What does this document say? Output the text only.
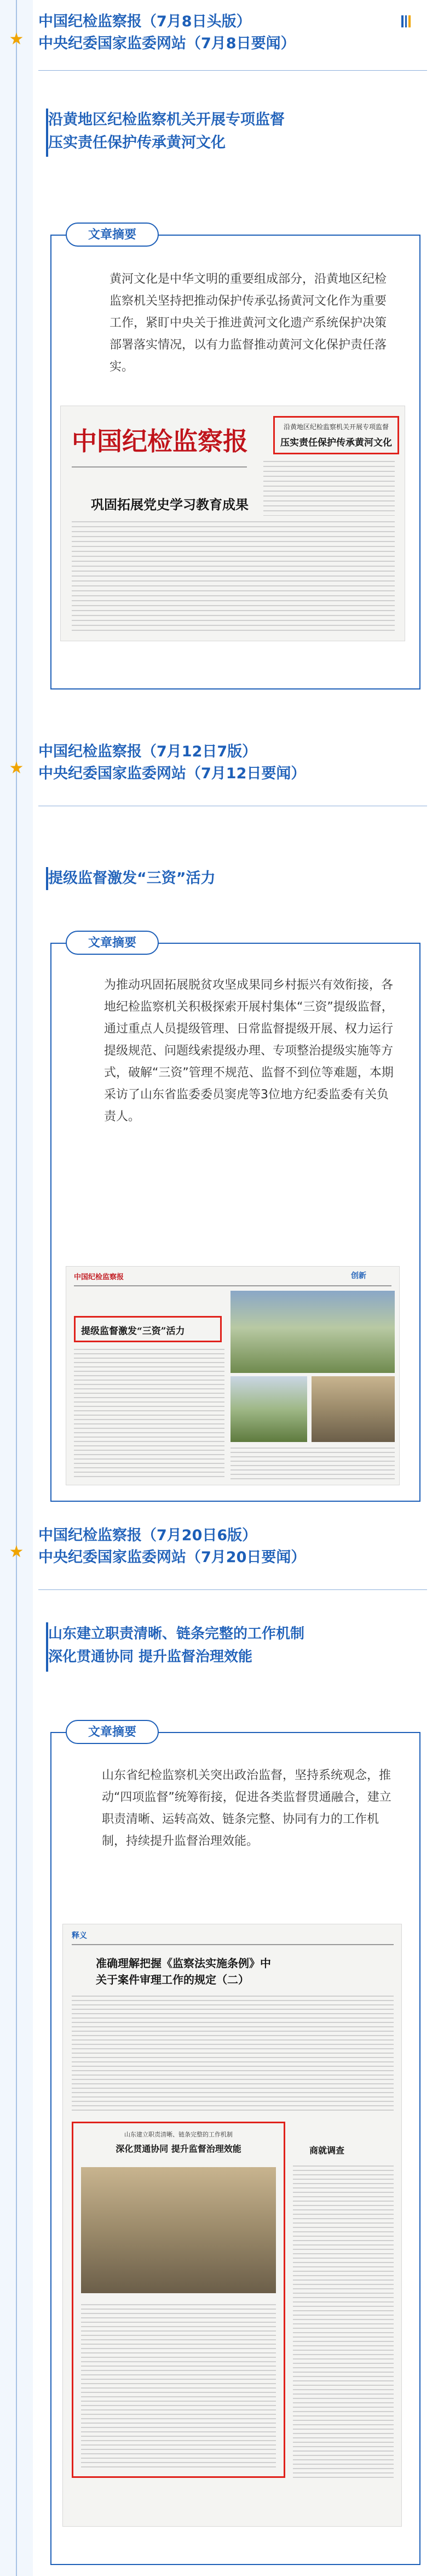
★
中国纪检监察报（7月8日头版）
中央纪委国家监委网站（7月8日要闻）
沿黄地区纪检监察机关开展专项监督
压实责任保护传承黄河文化
文章摘要
黄河文化是中华文明的重要组成部分，沿黄地区纪检监察机关坚持把推动保护传承弘扬黄河文化作为重要工作，紧盯中央关于推进黄河文化遗产系统保护决策部署落实情况，以有力监督推动黄河文化保护责任落实。
中国纪检监察报	沿黄地区纪检监察机关开展专项监督
压实责任保护传承黄河文化
巩固拓展党史学习教育成果
★
中国纪检监察报（7月12日7版）
中央纪委国家监委网站（7月12日要闻）
提级监督激发“三资”活力
文章摘要
为推动巩固拓展脱贫攻坚成果同乡村振兴有效衔接，各地纪检监察机关积极探索开展村集体“三资”提级监督，通过重点人员提级管理、日常监督提级开展、权力运行提级规范、问题线索提级办理、专项整治提级实施等方式，破解“三资”管理不规范、监督不到位等难题，本期采访了山东省监委委员窦虎等3位地方纪委监委有关负责人。
中国纪检监察报	创新
提级监督激发“三资”活力
★
中国纪检监察报（7月20日6版）
中央纪委国家监委网站（7月20日要闻）
山东建立职责清晰、链条完整的工作机制
深化贯通协同 提升监督治理效能
文章摘要
山东省纪检监察机关突出政治监督，坚持系统观念，推动“四项监督”统筹衔接，促进各类监督贯通融合，建立职责清晰、运转高效、链条完整、协同有力的工作机制，持续提升监督治理效能。
释义
准确理解把握《监察法实施条例》中
关于案件审理工作的规定（二）
山东建立职责清晰、链条完整的工作机制
深化贯通协同 提升监督治理效能	商就调查
